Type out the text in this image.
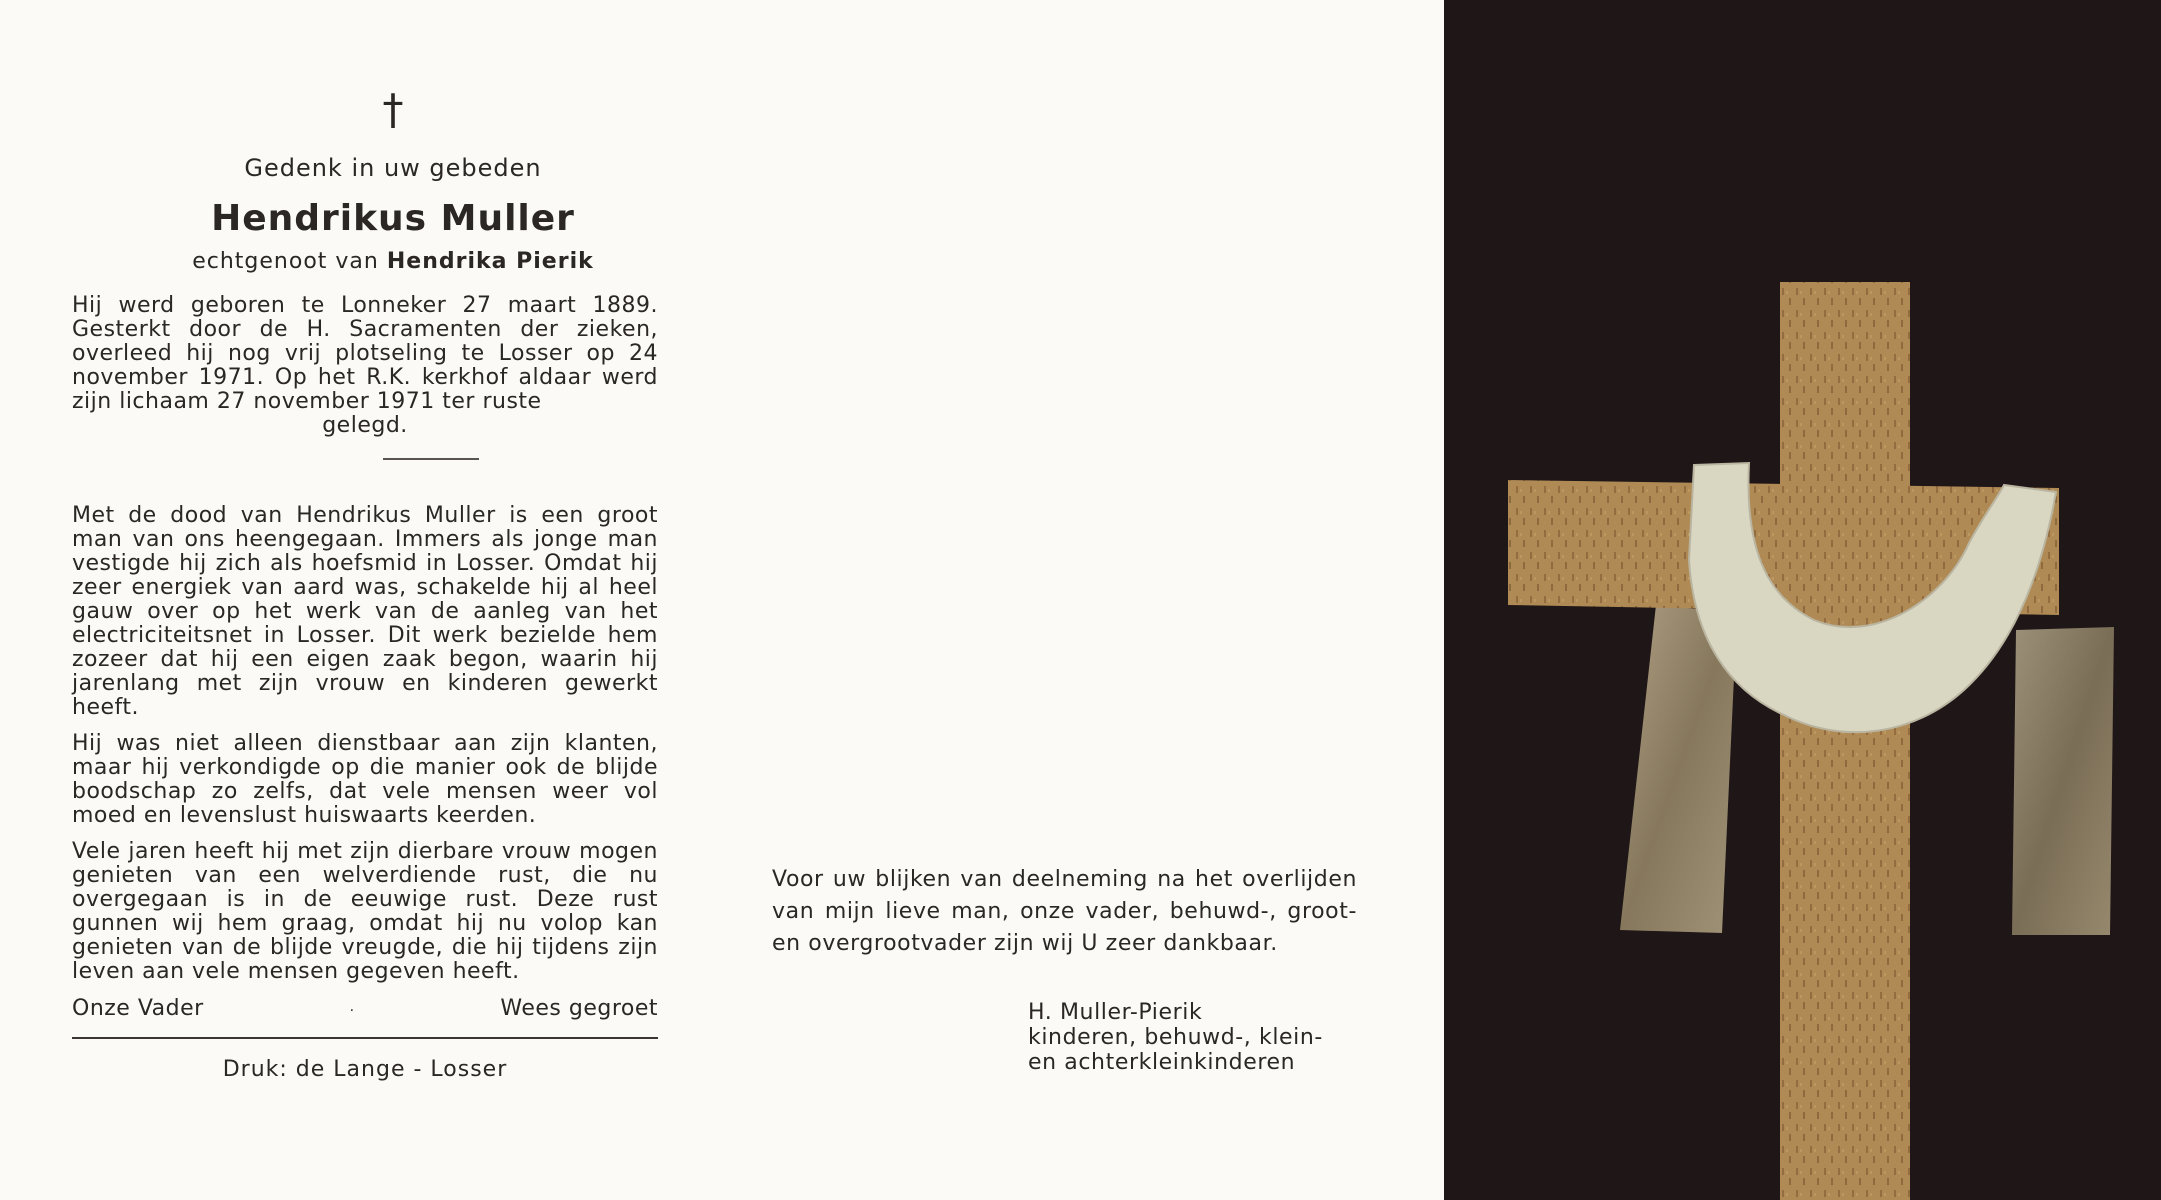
†
Gedenk in uw gebeden
Hendrikus Muller
echtgenoot van Hendrika Pierik
Hij werd geboren te Lonneker 27 maart 1889. Gesterkt door de H. Sacramenten der zieken, overleed hij nog vrij plotseling te Losser op 24 november 1971. Op het R.K. kerkhof aldaar werd zijn lichaam 27 november 1971 ter ruste
gelegd.
Met de dood van Hendrikus Muller is een groot man van ons heengegaan. Immers als jonge man vestigde hij zich als hoefsmid in Losser. Omdat hij zeer energiek van aard was, schakelde hij al heel gauw over op het werk van de aanleg van het electriciteitsnet in Losser. Dit werk bezielde hem zozeer dat hij een eigen zaak begon, waarin hij jarenlang met zijn vrouw en kinderen gewerkt heeft.
Hij was niet alleen dienstbaar aan zijn klanten, maar hij verkondigde op die manier ook de blijde boodschap zo zelfs, dat vele mensen weer vol moed en levenslust huiswaarts keerden.
Vele jaren heeft hij met zijn dierbare vrouw mogen genieten van een welverdiende rust, die nu overgegaan is in de eeuwige rust. Deze rust gunnen wij hem graag, omdat hij nu volop kan genieten van de blijde vreugde, die hij tijdens zijn leven aan vele mensen gegeven heeft.
Onze Vader	·	Wees gegroet
Druk: de Lange - Losser
Voor uw blijken van deelneming na het overlijden van mijn lieve man, onze vader, behuwd-, groot- en overgrootvader zijn wij U zeer dankbaar.
H. Muller-Pierik
kinderen, behuwd-, klein-
en achterkleinkinderen
